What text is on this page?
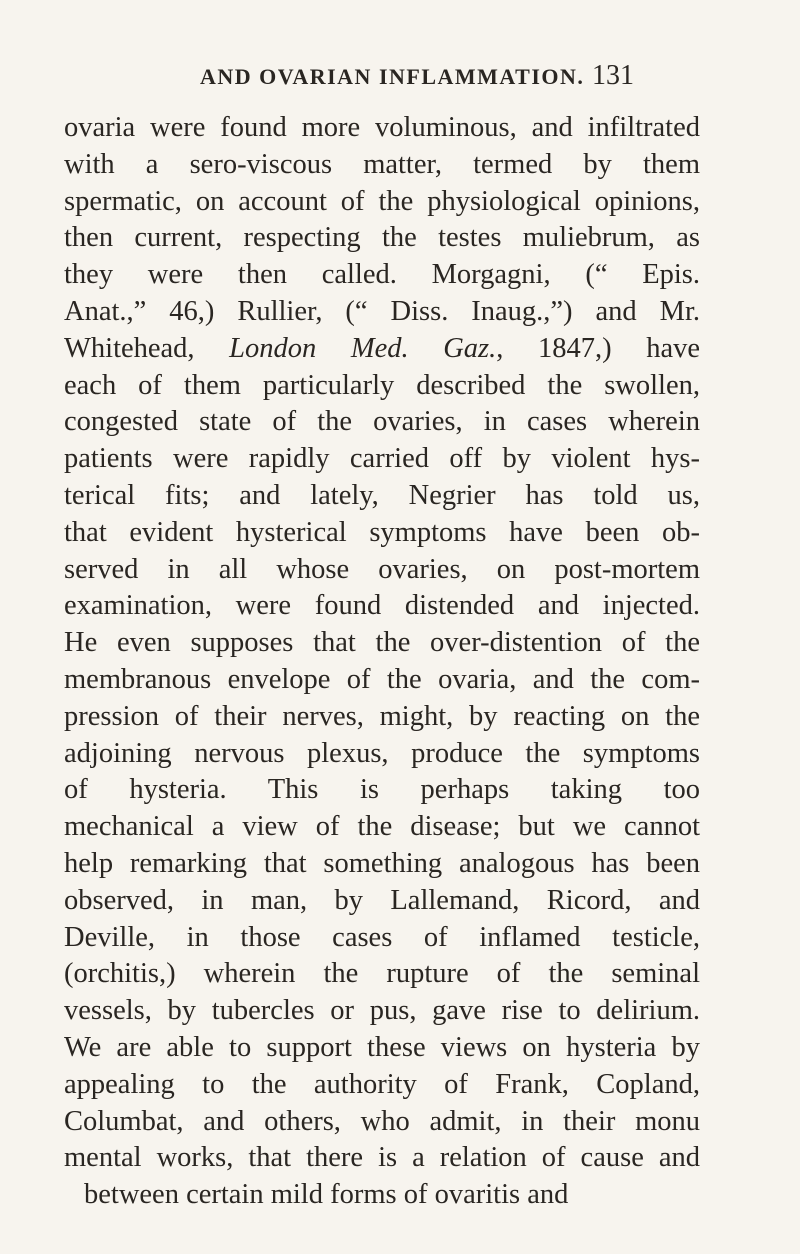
AND OVARIAN INFLAMMATION. 131
ovaria were found more voluminous, and infiltrated
with a sero-viscous matter, termed by them
spermatic, on account of the physiological opinions,
then current, respecting the testes muliebrum, as
they were then called. Morgagni, (“ Epis.
Anat.,” 46,) Rullier, (“ Diss. Inaug.,”) and Mr.
Whitehead, London Med. Gaz., 1847,) have
each of them particularly described the swollen,
congested state of the ovaries, in cases wherein
patients were rapidly carried off by violent hys-
terical fits; and lately, Negrier has told us,
that evident hysterical symptoms have been ob-
served in all whose ovaries, on post-mortem
examination, were found distended and injected.
He even supposes that the over-distention of the
membranous envelope of the ovaria, and the com-
pression of their nerves, might, by reacting on the
adjoining nervous plexus, produce the symptoms
of hysteria. This is perhaps taking too
mechanical a view of the disease; but we cannot
help remarking that something analogous has been
observed, in man, by Lallemand, Ricord, and
Deville, in those cases of inflamed testicle,
(orchitis,) wherein the rupture of the seminal
vessels, by tubercles or pus, gave rise to delirium.
We are able to support these views on hysteria by
appealing to the authority of Frank, Copland,
Columbat, and others, who admit, in their monu
mental works, that there is a relation of cause and
between certain mild forms of ovaritis and
